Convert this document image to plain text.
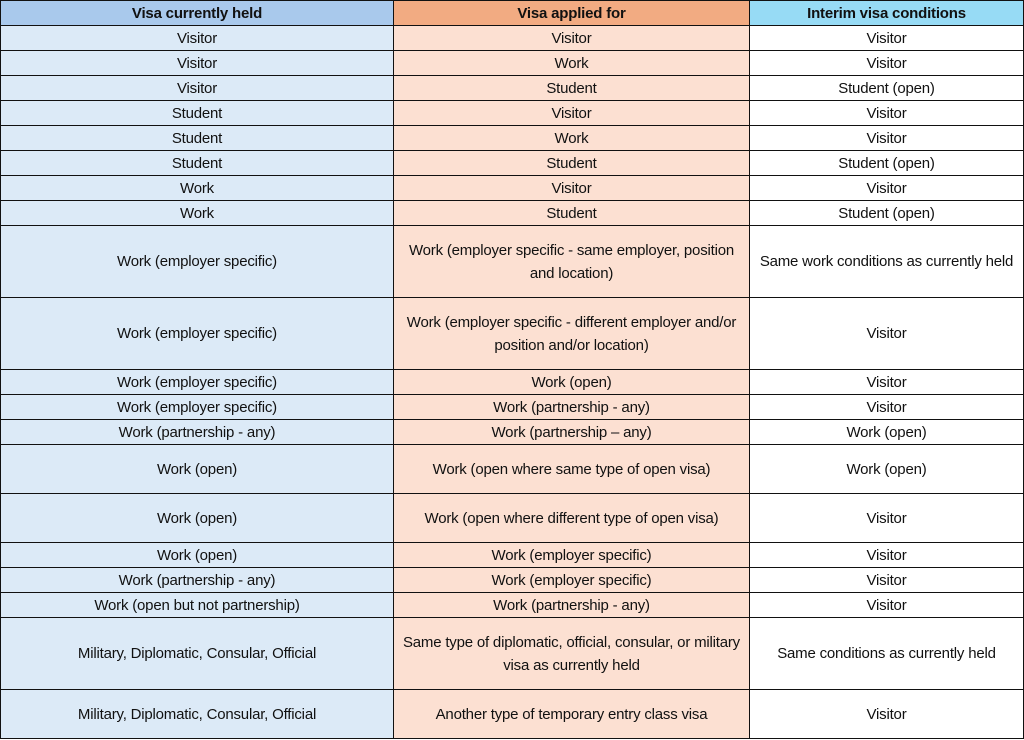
Visa currently held	Visa applied for	Interim visa conditions
Visitor	Visitor	Visitor
Visitor	Work	Visitor
Visitor	Student	Student (open)
Student	Visitor	Visitor
Student	Work	Visitor
Student	Student	Student (open)
Work	Visitor	Visitor
Work	Student	Student (open)
Work (employer specific)	Work (employer specific - same employer, position and location)	Same work conditions as currently held
Work (employer specific)	Work (employer specific - different employer and/or position and/or location)	Visitor
Work (employer specific)	Work (open)	Visitor
Work (employer specific)	Work (partnership - any)	Visitor
Work (partnership - any)	Work (partnership – any)	Work (open)
Work (open)	Work (open where same type of open visa)	Work (open)
Work (open)	Work (open where different type of open visa)	Visitor
Work (open)	Work (employer specific)	Visitor
Work (partnership - any)	Work (employer specific)	Visitor
Work (open but not partnership)	Work (partnership - any)	Visitor
Military, Diplomatic, Consular, Official	Same type of diplomatic, official, consular, or military visa as currently held	Same conditions as currently held
Military, Diplomatic, Consular, Official	Another type of temporary entry class visa	Visitor
